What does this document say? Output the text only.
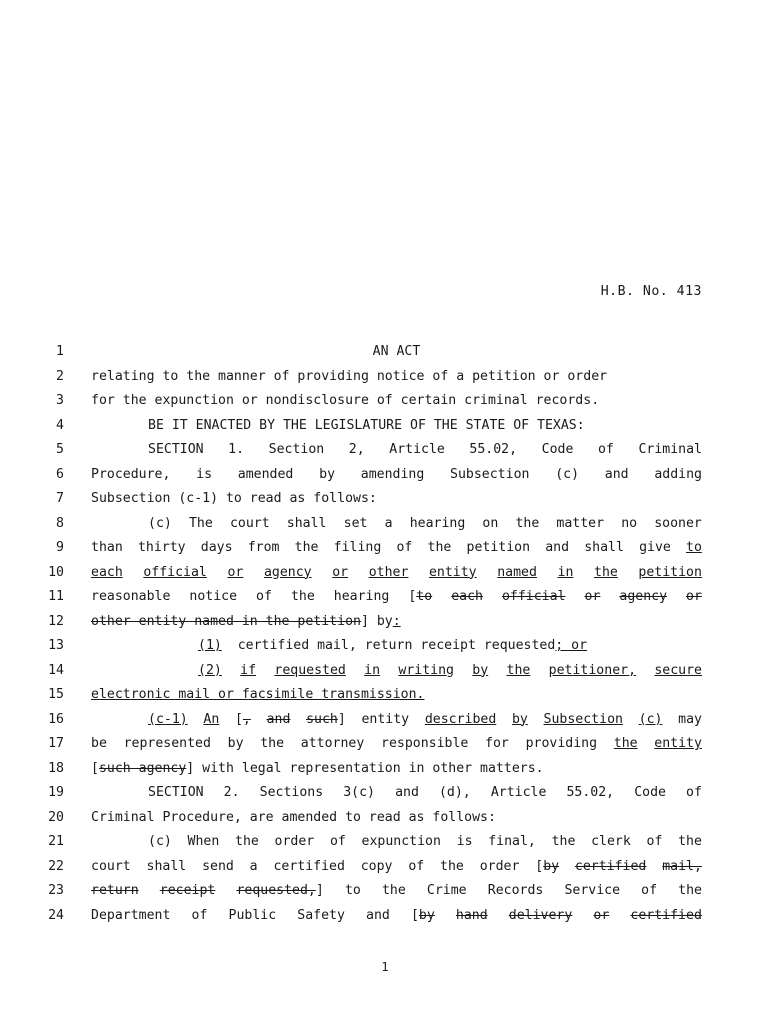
H.B. No. 413
1	AN ACT
2 relating to the manner of providing notice of a petition or order
3 for the expunction or nondisclosure of certain criminal records.
4	BE IT ENACTED BY THE LEGISLATURE OF THE STATE OF TEXAS:
5	SECTION 1. Section 2, Article 55.02, Code of Criminal
6 Procedure, is amended by amending Subsection (c) and adding
7 Subsection (c-1) to read as follows:
8	(c) The court shall set a hearing on the matter no sooner
9 than thirty days from the filing of the petition and shall give to
10 each official or agency or other entity named in the petition
11 reasonable notice of the hearing [to each official or agency or
12 other entity named in the petition] by:
13	(1)  certified mail, return receipt requested; or
14	(2) if requested in writing by the petitioner, secure
15 electronic mail or facsimile transmission.
16	(c-1) An [, and such] entity described by Subsection (c) may
17 be represented by the attorney responsible for providing the entity
18 [such agency] with legal representation in other matters.
19	SECTION 2. Sections 3(c) and (d), Article 55.02, Code of
20 Criminal Procedure, are amended to read as follows:
21	(c) When the order of expunction is final, the clerk of the
22 court shall send a certified copy of the order [by certified mail,
23 return receipt requested,] to the Crime Records Service of the
24 Department of Public Safety and [by hand delivery or certified
1
